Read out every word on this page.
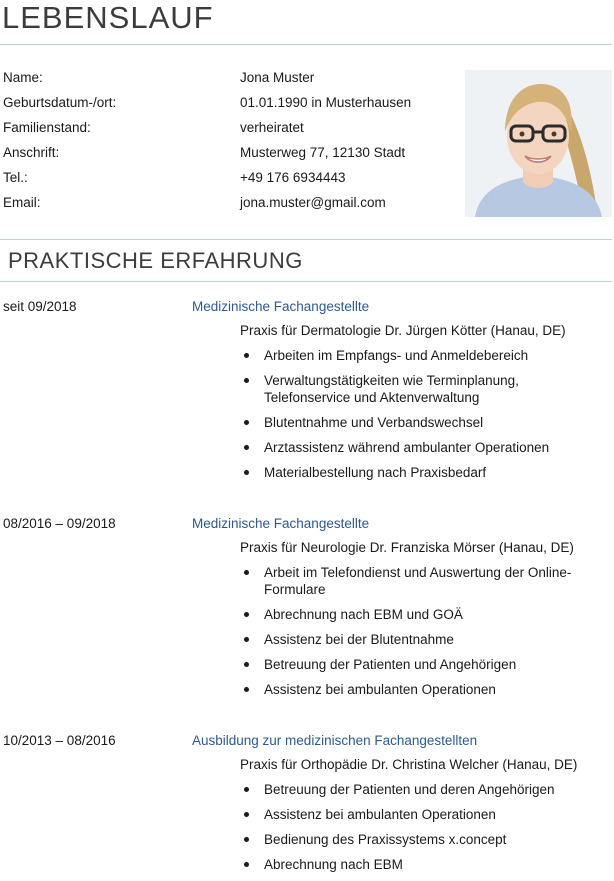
LEBENSLAUF
Name:	Jona Muster
Geburtsdatum-/ort:	01.01.1990 in Musterhausen
Familienstand:	verheiratet
Anschrift:	Musterweg 77, 12130 Stadt
Tel.:	+49 176 6934443
Email:	jona.muster@gmail.com
PRAKTISCHE ERFAHRUNG
seit 09/2018	Medizinische Fachangestellte
Praxis für Dermatologie Dr. Jürgen Kötter (Hanau, DE)
Arbeiten im Empfangs- und Anmeldebereich
Verwaltungstätigkeiten wie Terminplanung, Telefonservice und Aktenverwaltung
Blutentnahme und Verbandswechsel
Arztassistenz während ambulanter Operationen
Materialbestellung nach Praxisbedarf
08/2016 – 09/2018	Medizinische Fachangestellte
Praxis für Neurologie Dr. Franziska Mörser (Hanau, DE)
Arbeit im Telefondienst und Auswertung der Online-Formulare
Abrechnung nach EBM und GOÄ
Assistenz bei der Blutentnahme
Betreuung der Patienten und Angehörigen
Assistenz bei ambulanten Operationen
10/2013 – 08/2016	Ausbildung zur medizinischen Fachangestellten
Praxis für Orthopädie Dr. Christina Welcher (Hanau, DE)
Betreuung der Patienten und deren Angehörigen
Assistenz bei ambulanten Operationen
Bedienung des Praxissystems x.concept
Abrechnung nach EBM
